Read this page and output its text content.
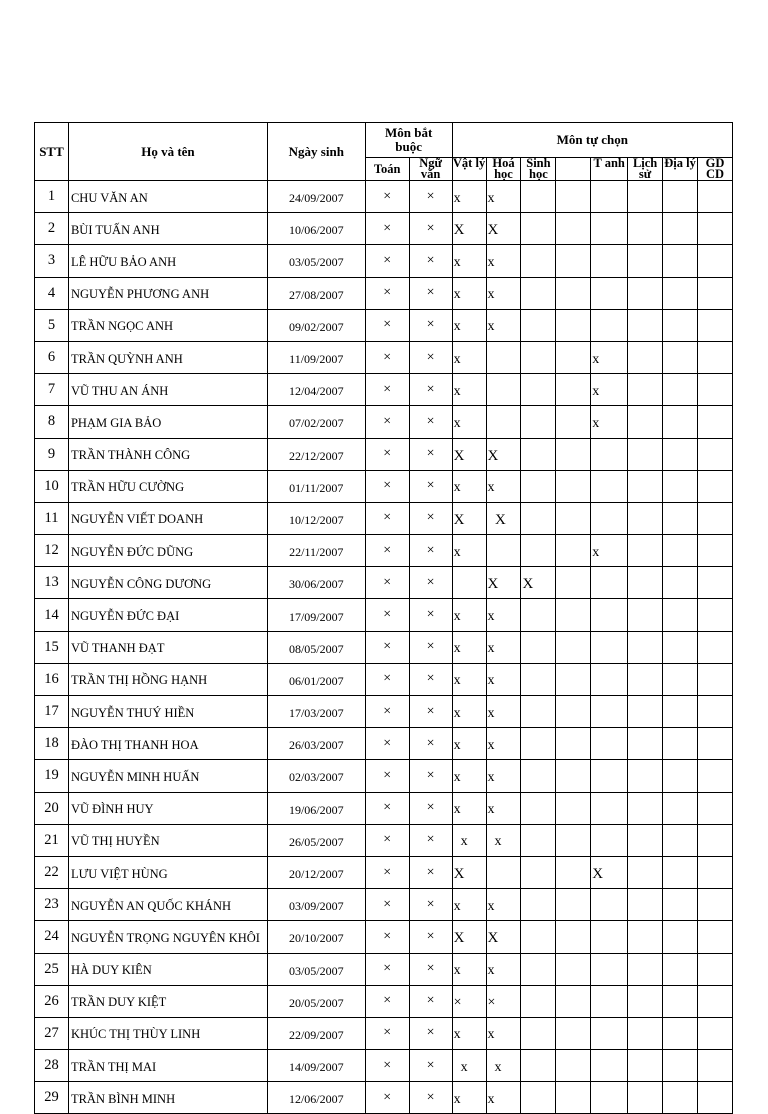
STT	Họ và tên	Ngày sinh	Môn bắt buộc		Môn tự chọn							
			Toán	Ngữ văn	Vật lý	Hoá học	Sinh học		T anh	Lịch sử	Địa lý	GD CD
1	CHU VĂN AN	24/09/2007	×	×	x	x						
2	BÙI TUẤN ANH	10/06/2007	×	×	X	X						
3	LÊ HỮU BẢO ANH	03/05/2007	×	×	x	x						
4	NGUYỄN PHƯƠNG ANH	27/08/2007	×	×	x	x						
5	TRẦN NGỌC ANH	09/02/2007	×	×	x	x						
6	TRẦN QUỲNH ANH	11/09/2007	×	×	x				x			
7	VŨ THU AN ÁNH	12/04/2007	×	×	x				x			
8	PHẠM GIA BẢO	07/02/2007	×	×	x				x			
9	TRẦN THÀNH CÔNG	22/12/2007	×	×	X	X						
10	TRẦN HỮU CƯỜNG	01/11/2007	×	×	x	x						
11	NGUYỄN VIẾT DOANH	10/12/2007	×	×	X	X						
12	NGUYỄN ĐỨC DŨNG	22/11/2007	×	×	x				x			
13	NGUYỄN CÔNG DƯƠNG	30/06/2007	×	×		X	X					
14	NGUYỄN ĐỨC ĐẠI	17/09/2007	×	×	x	x						
15	VŨ THANH ĐẠT	08/05/2007	×	×	x	x						
16	TRẦN THỊ HỒNG HẠNH	06/01/2007	×	×	x	x						
17	NGUYỄN THUÝ HIỀN	17/03/2007	×	×	x	x						
18	ĐÀO THỊ THANH HOA	26/03/2007	×	×	x	x						
19	NGUYỄN MINH HUẤN	02/03/2007	×	×	x	x						
20	VŨ ĐÌNH HUY	19/06/2007	×	×	x	x						
21	VŨ THỊ HUYỀN	26/05/2007	×	×	x	x						
22	LƯU VIỆT HÙNG	20/12/2007	×	×	X				X			
23	NGUYỄN AN QUỐC KHÁNH	03/09/2007	×	×	x	x						
24	NGUYỄN TRỌNG NGUYÊN KHÔI	20/10/2007	×	×	X	X						
25	HÀ DUY KIÊN	03/05/2007	×	×	x	x						
26	TRẦN DUY KIỆT	20/05/2007	×	×	×	×						
27	KHÚC THỊ THÙY LINH	22/09/2007	×	×	x	x						
28	TRẦN THỊ MAI	14/09/2007	×	×	x	x						
29	TRẦN BÌNH MINH	12/06/2007	×	×	x	x						
